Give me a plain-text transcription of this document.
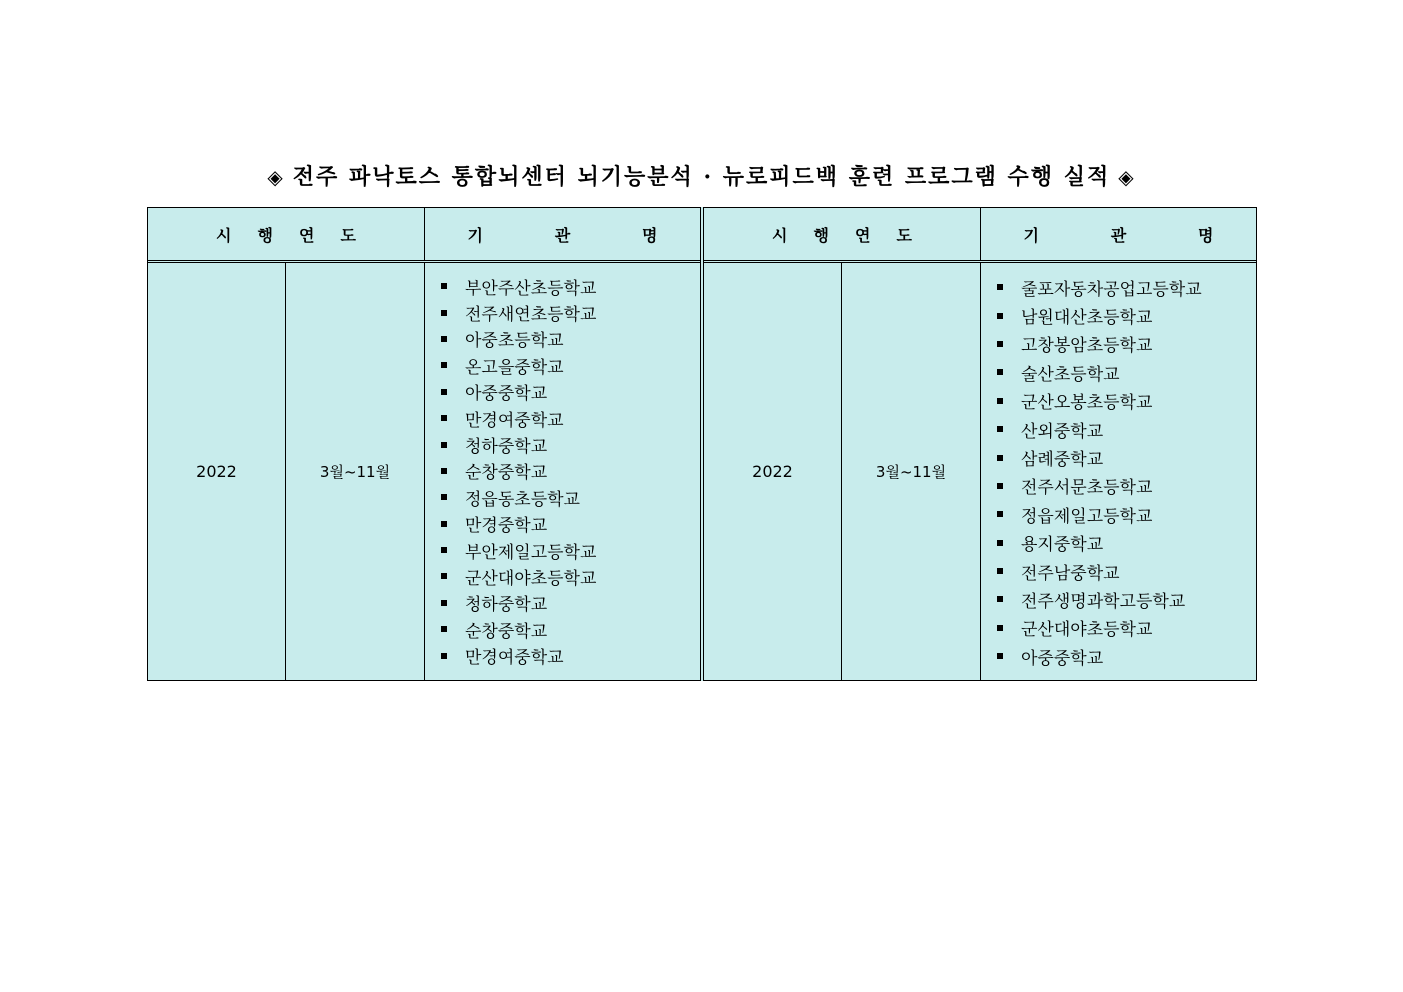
◈ 전주 파낙토스 통합뇌센터 뇌기능분석 · 뉴로피드백 훈련 프로그램 수행 실적 ◈
시 행 연 도	기	관	명
2022	3월~11월
부안주산초등학교
전주새연초등학교
아중초등학교
온고을중학교
아중중학교
만경여중학교
청하중학교
순창중학교
정읍동초등학교
만경중학교
부안제일고등학교
군산대야초등학교
청하중학교
순창중학교
만경여중학교
시 행 연 도	기	관	명
2022	3월~11월
줄포자동차공업고등학교
남원대산초등학교
고창봉암초등학교
술산초등학교
군산오봉초등학교
산외중학교
삼례중학교
전주서문초등학교
정읍제일고등학교
용지중학교
전주남중학교
전주생명과학고등학교
군산대야초등학교
아중중학교
